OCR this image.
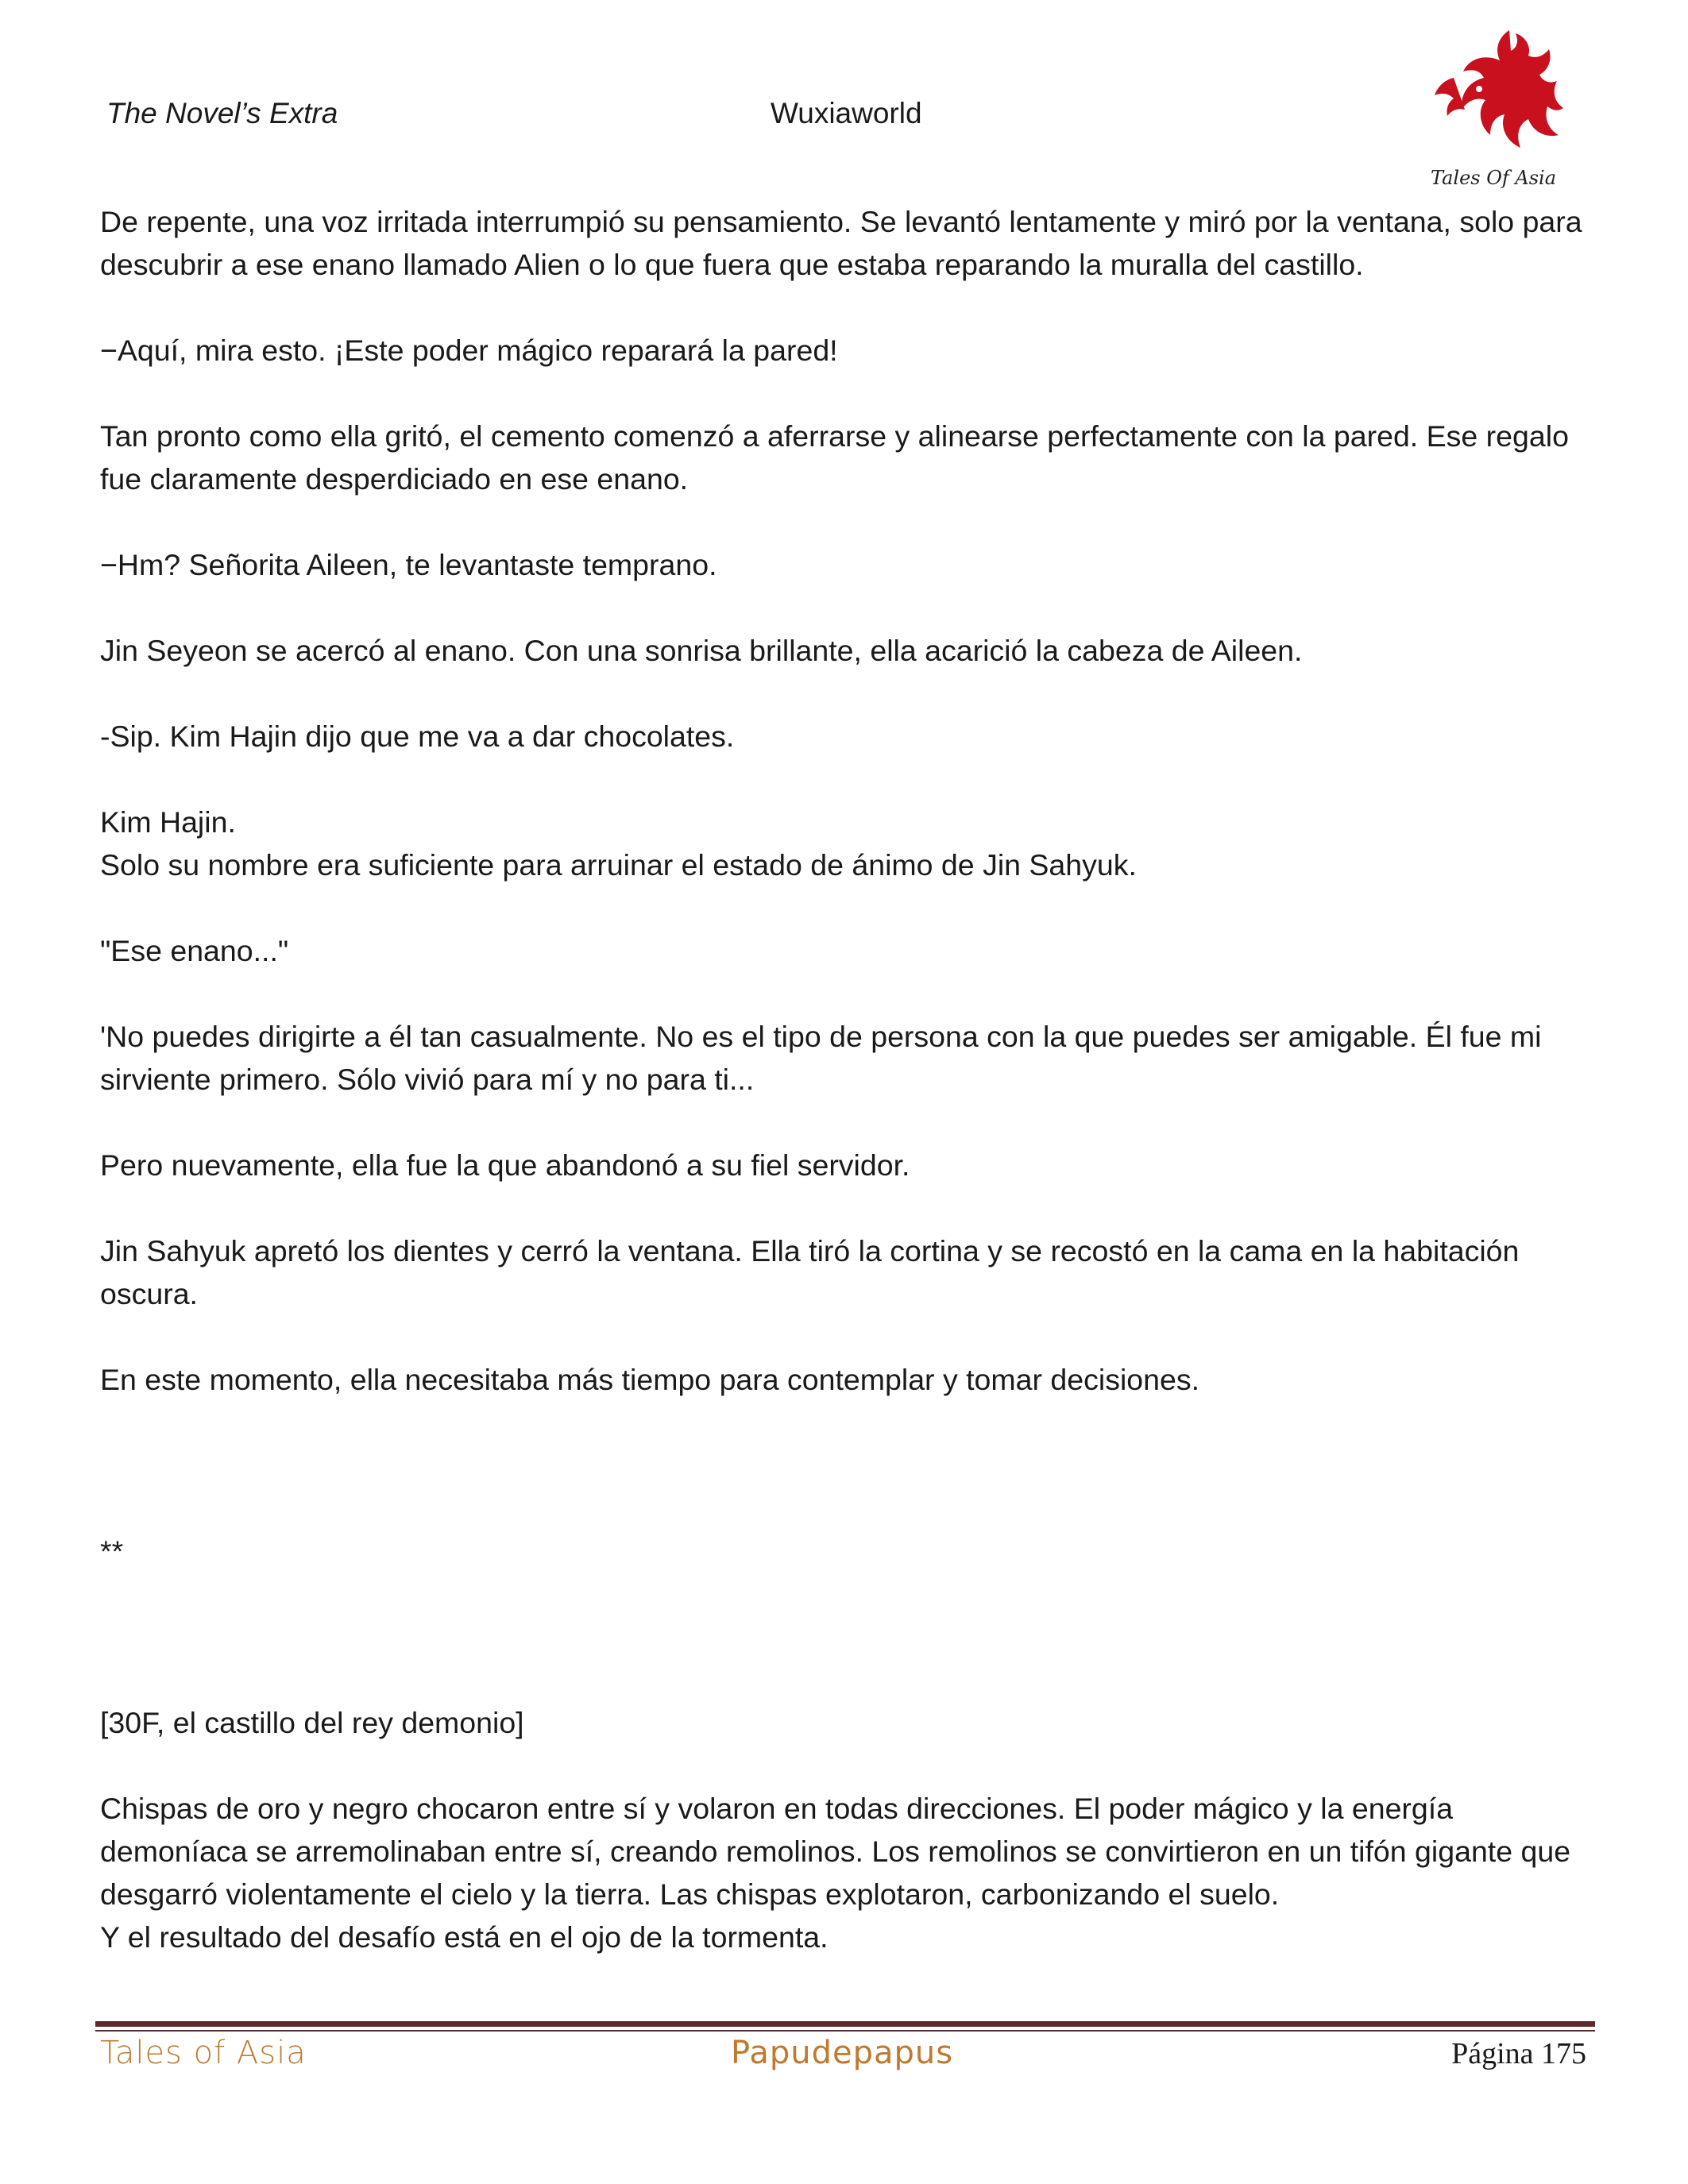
The Novel’s Extra	Wuxiaworld
Tales Of Asia

De repente, una voz irritada interrumpió su pensamiento. Se levantó lentamente y miró por la ventana, solo para descubrir a ese enano llamado Alien o lo que fuera que estaba reparando la muralla del castillo.

−Aquí, mira esto. ¡Este poder mágico reparará la pared!

Tan pronto como ella gritó, el cemento comenzó a aferrarse y alinearse perfectamente con la pared. Ese regalo fue claramente desperdiciado en ese enano.

−Hm? Señorita Aileen, te levantaste temprano.

Jin Seyeon se acercó al enano. Con una sonrisa brillante, ella acarició la cabeza de Aileen.

-Sip. Kim Hajin dijo que me va a dar chocolates.

Kim Hajin.
Solo su nombre era suficiente para arruinar el estado de ánimo de Jin Sahyuk.

"Ese enano..."

'No puedes dirigirte a él tan casualmente. No es el tipo de persona con la que puedes ser amigable. Él fue mi sirviente primero. Sólo vivió para mí y no para ti...

Pero nuevamente, ella fue la que abandonó a su fiel servidor.

Jin Sahyuk apretó los dientes y cerró la ventana. Ella tiró la cortina y se recostó en la cama en la habitación oscura.

En este momento, ella necesitaba más tiempo para contemplar y tomar decisiones.

**

[30F, el castillo del rey demonio]

Chispas de oro y negro chocaron entre sí y volaron en todas direcciones. El poder mágico y la energía demoníaca se arremolinaban entre sí, creando remolinos. Los remolinos se convirtieron en un tifón gigante que desgarró violentamente el cielo y la tierra. Las chispas explotaron, carbonizando el suelo.
Y el resultado del desafío está en el ojo de la tormenta.

Tales of Asia	Papudepapus	Página 175
